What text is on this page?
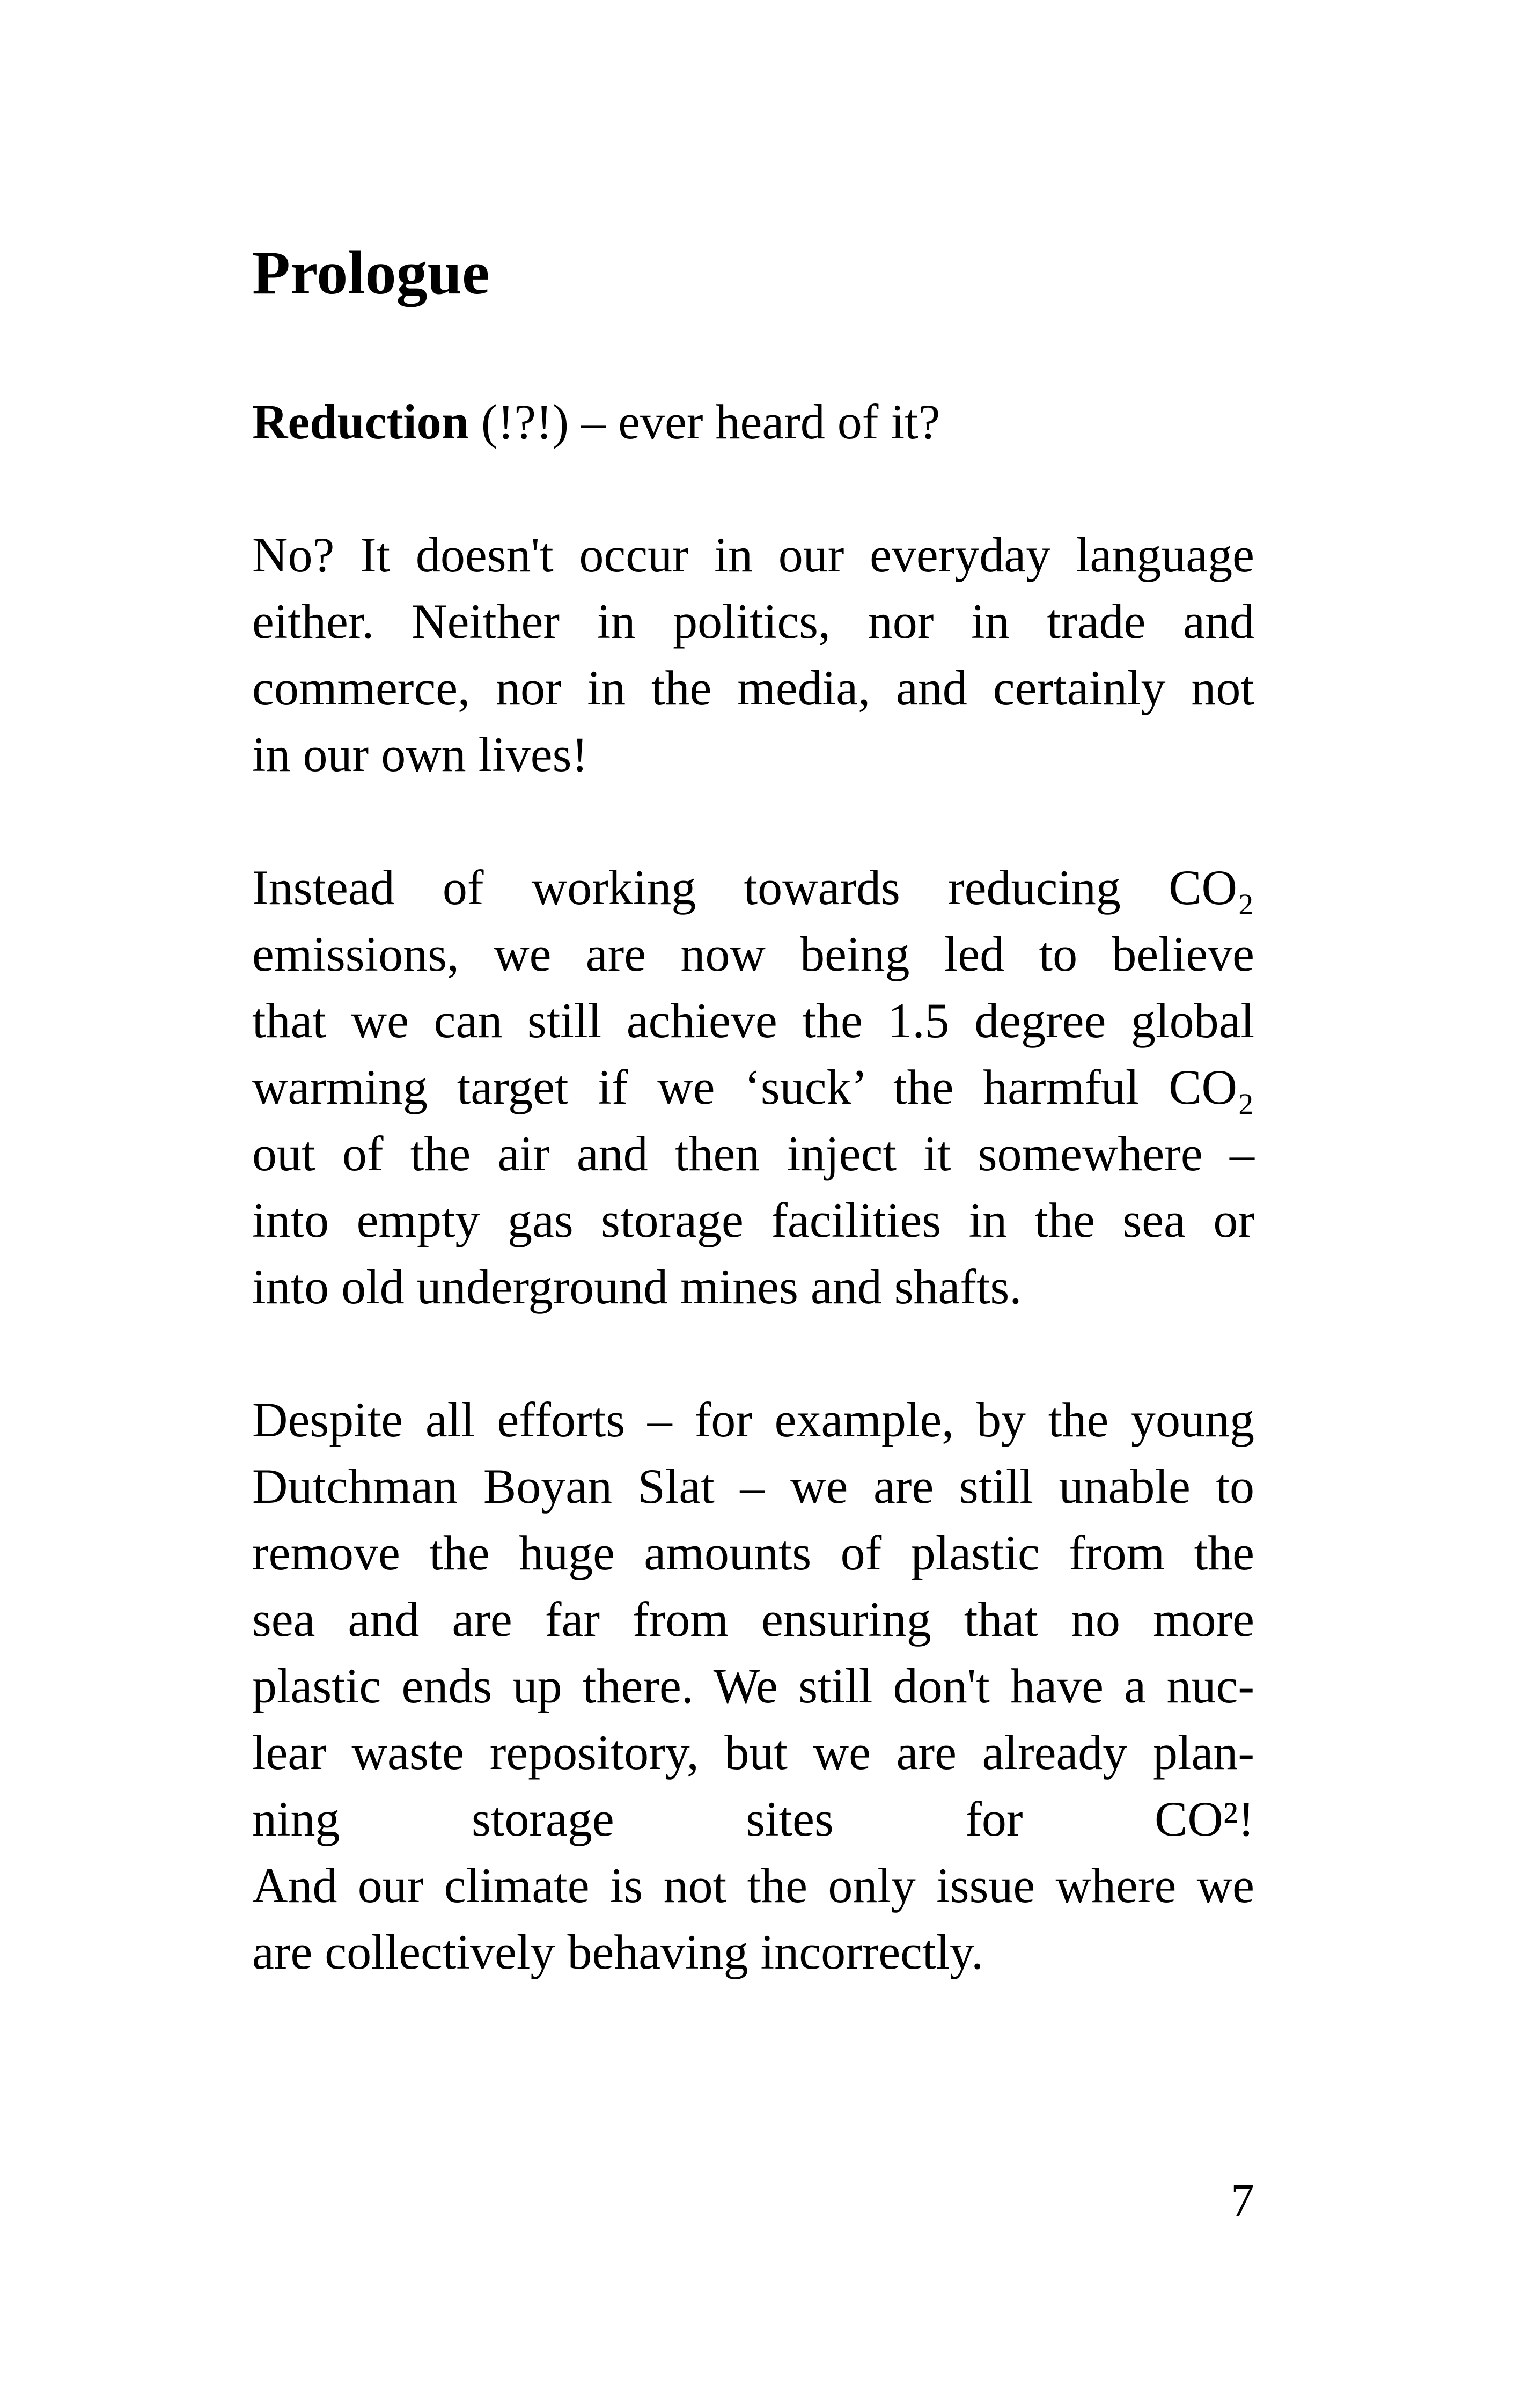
Prologue
Reduction (!?!) – ever heard of it?
No? It doesn't occur in our everyday language
either. Neither in politics, nor in trade and
commerce, nor in the media, and certainly not
in our own lives!
Instead of working towards reducing CO₂
emissions, we are now being led to believe
that we can still achieve the 1.5 degree global
warming target if we ‘suck’ the harmful CO₂
out of the air and then inject it somewhere –
into empty gas storage facilities in the sea or
into old underground mines and shafts.
Despite all efforts – for example, by the young
Dutchman Boyan Slat – we are still unable to
remove the huge amounts of plastic from the
sea and are far from ensuring that no more
plastic ends up there. We still don't have a nuc-
lear waste repository, but we are already plan-
ning storage sites for CO²!
And our climate is not the only issue where we
are collectively behaving incorrectly.
7
